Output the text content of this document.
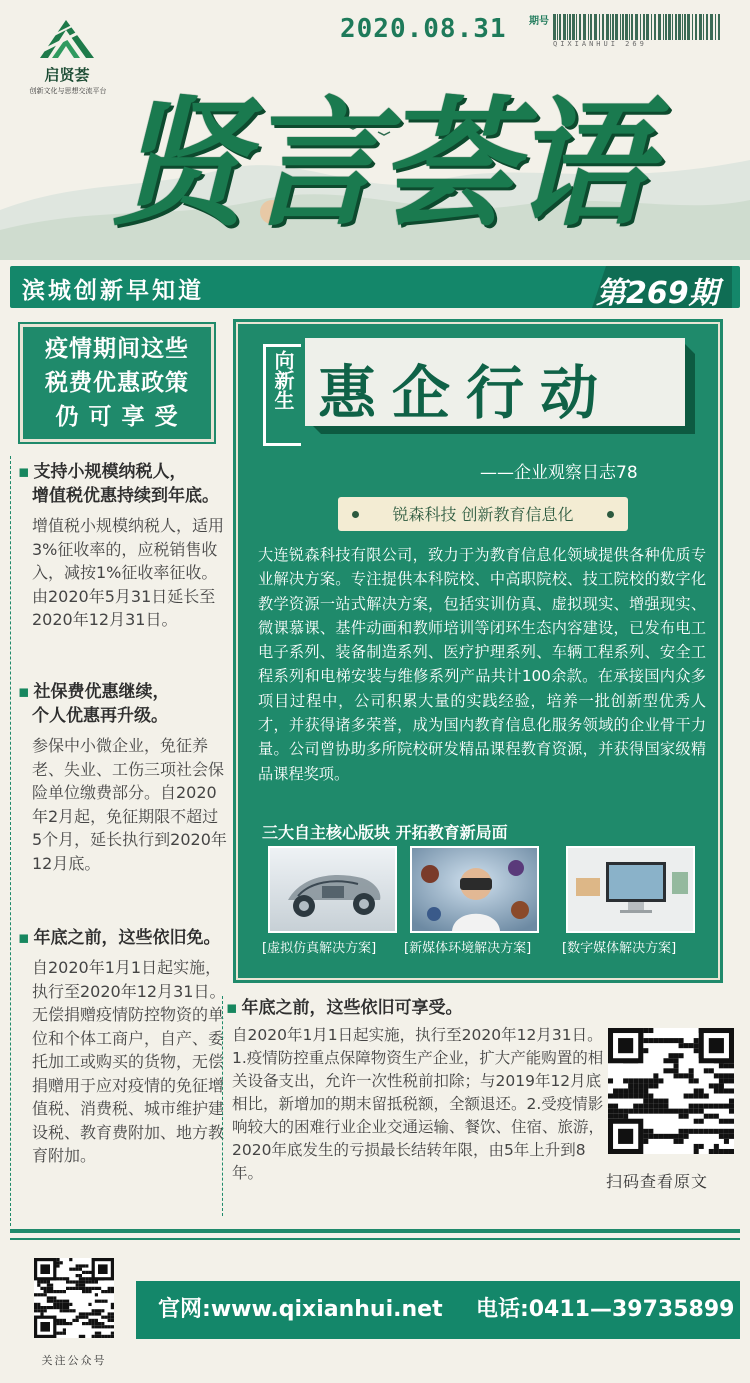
启贤荟
创新文化与思想交流平台
2020.08.31 期号
QIXIANHUI 269
贤言荟语
滨城创新早知道	第269期
疫情期间这些
税费优惠政策
仍 可 享 受
▪ 支持小规模纳税人，
增值税优惠持续到年底。
增值税小规模纳税人，适用3%征收率的，应税销售收入，减按1%征收率征收。由2020年5月31日延长至2020年12月31日。
▪ 社保费优惠继续，
个人优惠再升级。
参保中小微企业，免征养老、失业、工伤三项社会保险单位缴费部分。自2020年2月起，免征期限不超过5个月，延长执行到2020年12月底。
▪ 年底之前，这些依旧免。
自2020年1月1日起实施，执行至2020年12月31日。无偿捐赠疫情防控物资的单位和个体工商户，自产、委托加工或购买的货物，无偿捐赠用于应对疫情的免征增值税、消费税、城市维护建设税、教育费附加、地方教育附加。
向新生 惠企行动
——企业观察日志78
锐森科技 创新教育信息化
大连锐森科技有限公司，致力于为教育信息化领域提供各种优质专业解决方案。专注提供本科院校、中高职院校、技工院校的数字化教学资源一站式解决方案，包括实训仿真、虚拟现实、增强现实、微课慕课、基件动画和教师培训等闭环生态内容建设，已发布电工电子系列、装备制造系列、医疗护理系列、车辆工程系列、安全工程系列和电梯安装与维修系列产品共计100余款。在承接国内众多项目过程中，公司积累大量的实践经验，培养一批创新型优秀人才，并获得诸多荣誉，成为国内教育信息化服务领域的企业骨干力量。公司曾协助多所院校研发精品课程教育资源，并获得国家级精品课程奖项。
三大自主核心版块 开拓教育新局面
[虚拟仿真解决方案] [新媒体环境解决方案] [数字媒体解决方案]
▪ 年底之前，这些依旧可享受。
自2020年1月1日起实施，执行至2020年12月31日。1.疫情防控重点保障物资生产企业，扩大产能购置的相关设备支出，允许一次性税前扣除；与2019年12月底相比，新增加的期末留抵税额，全额退还。2.受疫情影响较大的困难行业企业交通运输、餐饮、住宿、旅游，2020年底发生的亏损最长结转年限，由5年上升到8年。	扫码查看原文
关注公众号
官网:www.qixianhui.net 电话:0411—39735899
